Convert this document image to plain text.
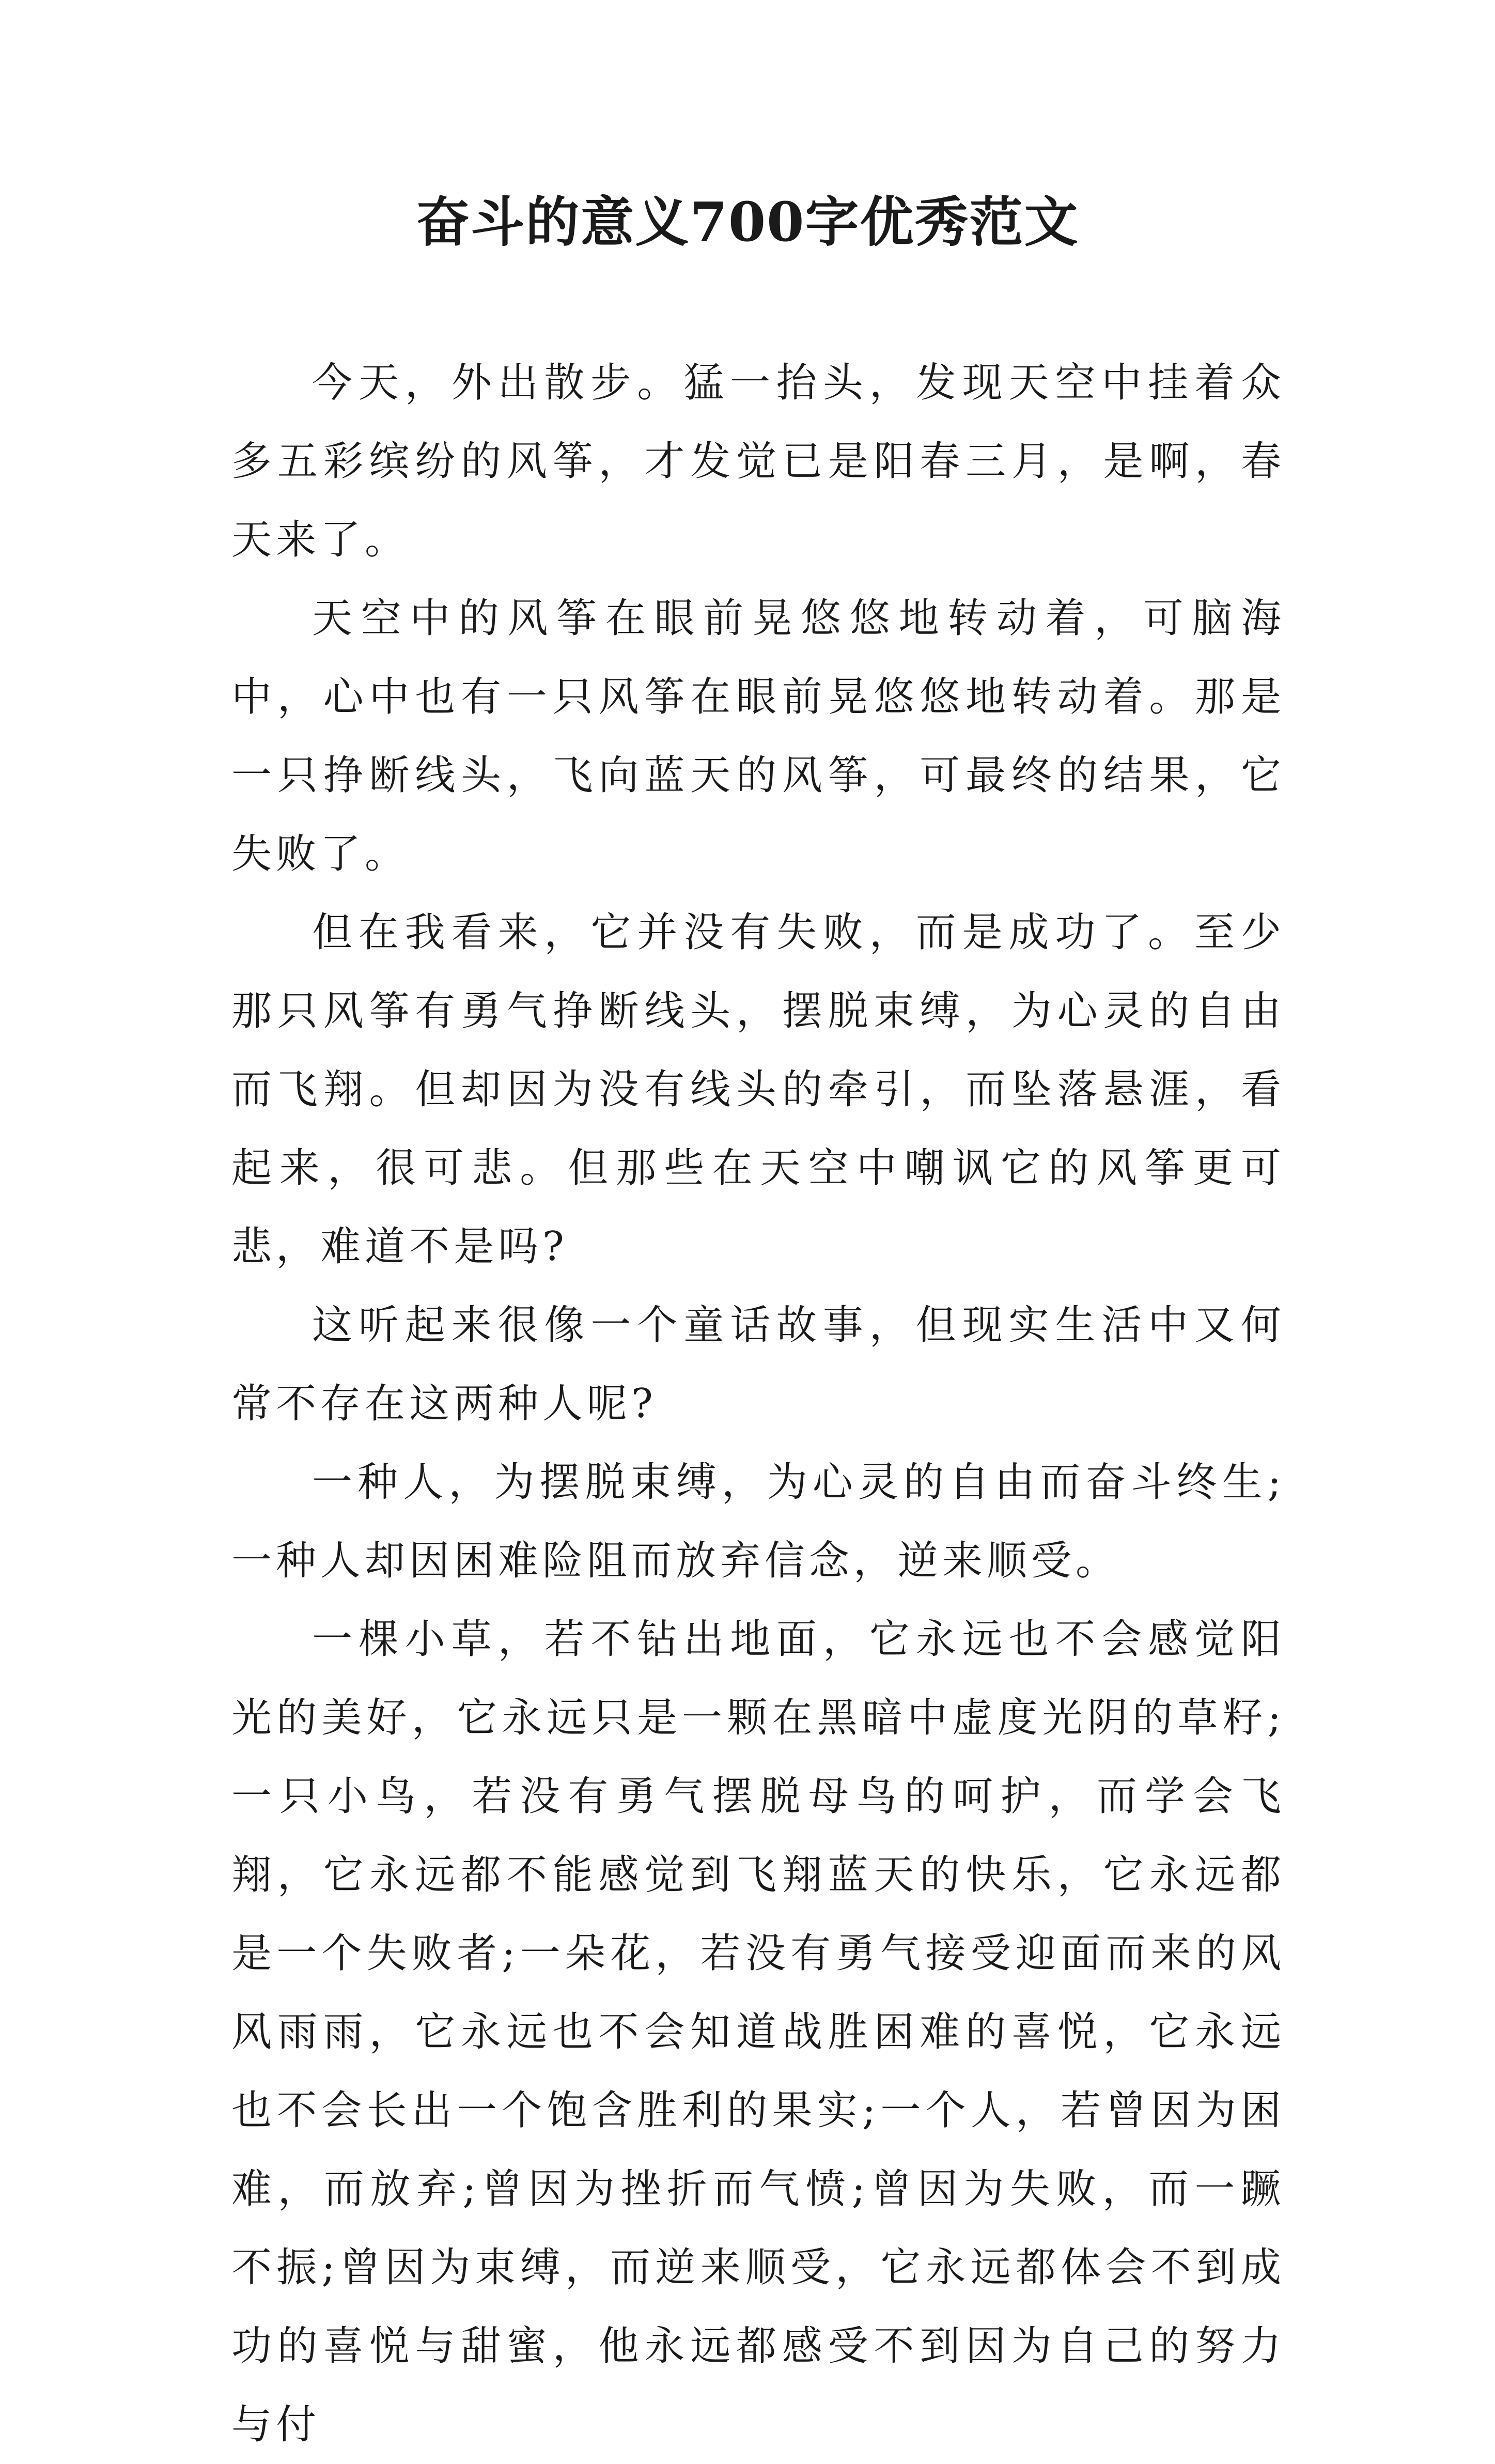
奋斗的意义700字优秀范文

今天，外出散步。猛一抬头，发现天空中挂着众多五彩缤纷的风筝，才发觉已是阳春三月，是啊，春天来了。

天空中的风筝在眼前晃悠悠地转动着，可脑海中，心中也有一只风筝在眼前晃悠悠地转动着。那是一只挣断线头，飞向蓝天的风筝，可最终的结果，它失败了。

但在我看来，它并没有失败，而是成功了。至少那只风筝有勇气挣断线头，摆脱束缚，为心灵的自由而飞翔。但却因为没有线头的牵引，而坠落悬涯，看起来，很可悲。但那些在天空中嘲讽它的风筝更可悲，难道不是吗?

这听起来很像一个童话故事，但现实生活中又何常不存在这两种人呢?

一种人，为摆脱束缚，为心灵的自由而奋斗终生;一种人却因困难险阻而放弃信念，逆来顺受。

一棵小草，若不钻出地面，它永远也不会感觉阳光的美好，它永远只是一颗在黑暗中虚度光阴的草籽;一只小鸟，若没有勇气摆脱母鸟的呵护，而学会飞翔，它永远都不能感觉到飞翔蓝天的快乐，它永远都是一个失败者;一朵花，若没有勇气接受迎面而来的风风雨雨，它永远也不会知道战胜困难的喜悦，它永远也不会长出一个饱含胜利的果实;一个人，若曾因为困难，而放弃;曾因为挫折而气愤;曾因为失败，而一蹶不振;曾因为束缚，而逆来顺受，它永远都体会不到成功的喜悦与甜蜜，他永远都感受不到因为自己的努力与付
